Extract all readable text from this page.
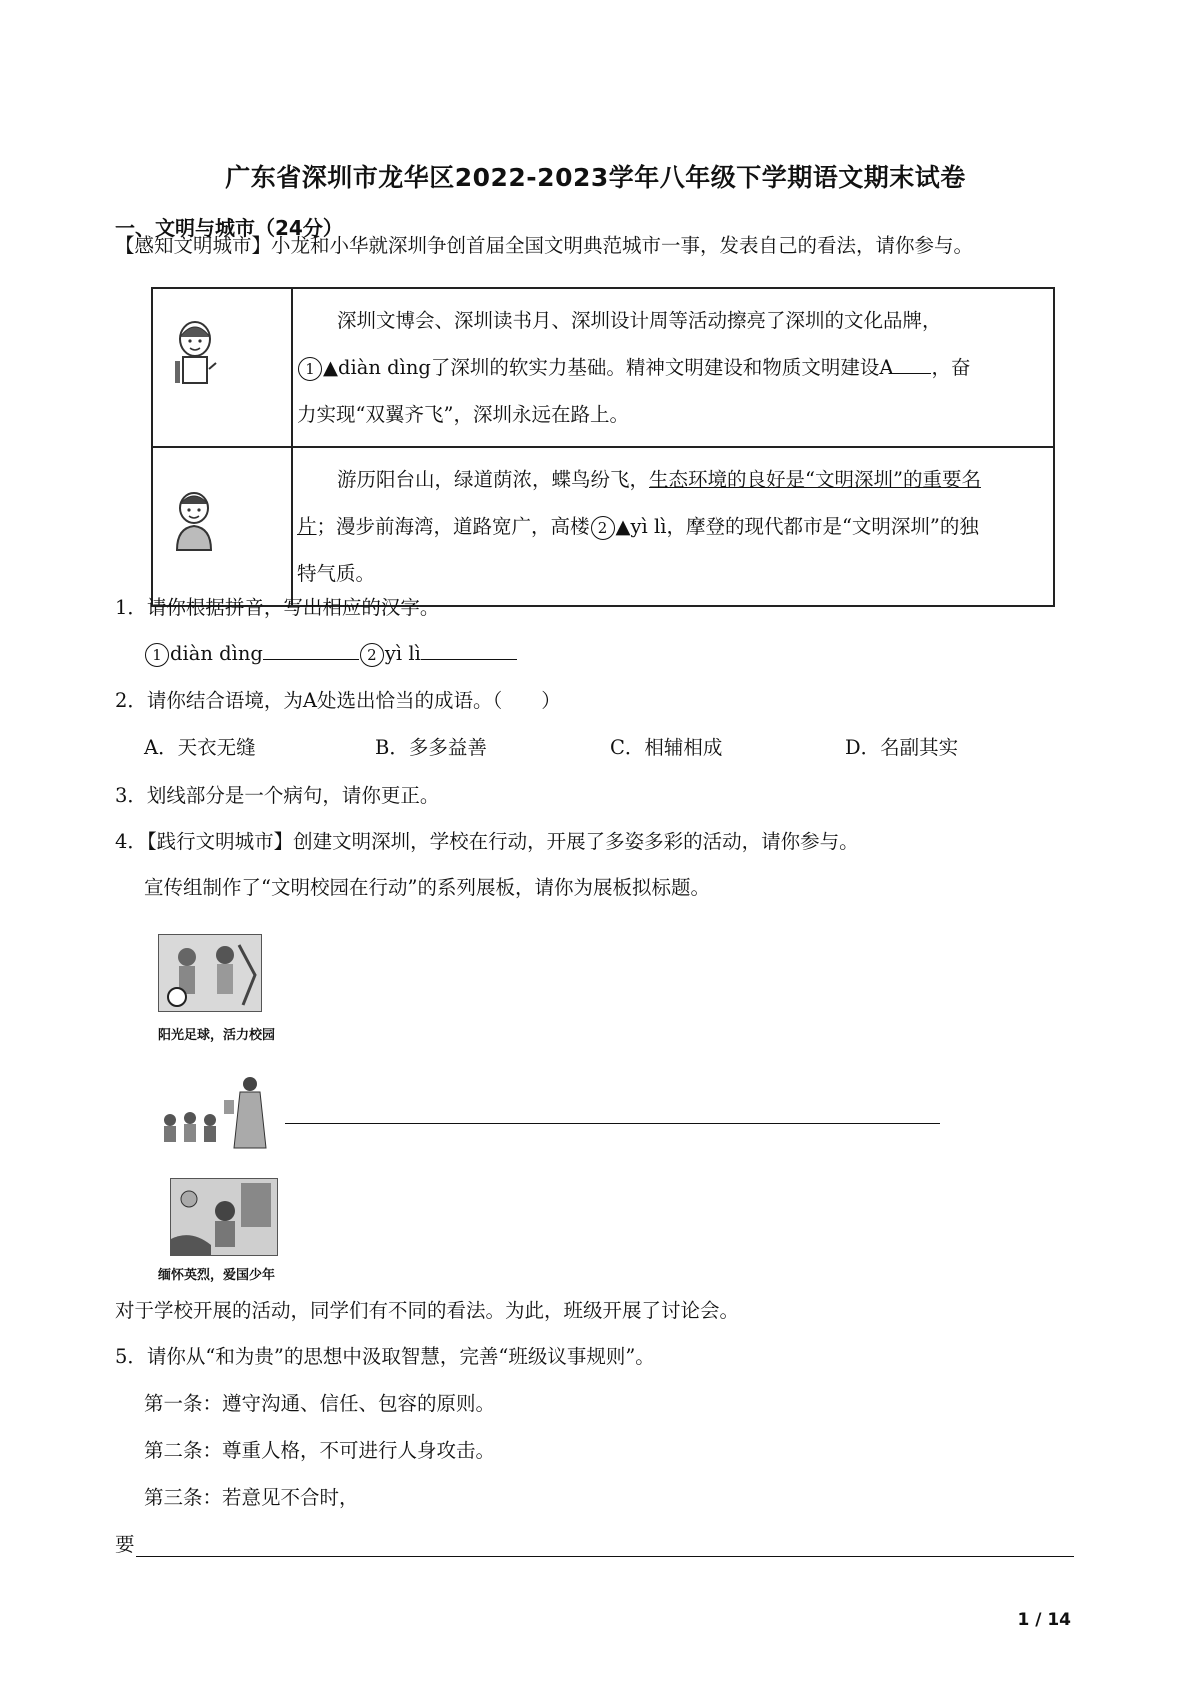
广东省深圳市龙华区2022-2023学年八年级下学期语文期末试卷
一、文明与城市（24分）
【感知文明城市】小龙和小华就深圳争创首届全国文明典范城市一事，发表自己的看法，请你参与。

深圳文博会、深圳读书月、深圳设计周等活动擦亮了深圳的文化品牌，
1 ▲diàn dìng了深圳的软实力基础。精神文明建设和物质文明建设A ，奋
力实现“双翼齐飞”，深圳永远在路上。

游历阳台山，绿道荫浓，蝶鸟纷飞，生态环境的良好是“文明深圳”的重要名
片；漫步前海湾，道路宽广，高楼 2 ▲yì lì，摩登的现代都市是“文明深圳”的独
特气质。
1．请你根据拼音，写出相应的汉字。
1 diàn dìng	2 yì lì
2．请你结合语境，为A处选出恰当的成语。（　　）
A．天衣无缝	B．多多益善	C．相辅相成	D．名副其实
3．划线部分是一个病句，请你更正。
4．【践行文明城市】创建文明深圳，学校在行动，开展了多姿多彩的活动，请你参与。
宣传组制作了“文明校园在行动”的系列展板，请你为展板拟标题。
阳光足球，活力校园
缅怀英烈，爱国少年
对于学校开展的活动，同学们有不同的看法。为此，班级开展了讨论会。
5．请你从“和为贵”的思想中汲取智慧，完善“班级议事规则”。
第一条：遵守沟通、信任、包容的原则。
第二条：尊重人格，不可进行人身攻击。
第三条：若意见不合时，
要
1 / 14
